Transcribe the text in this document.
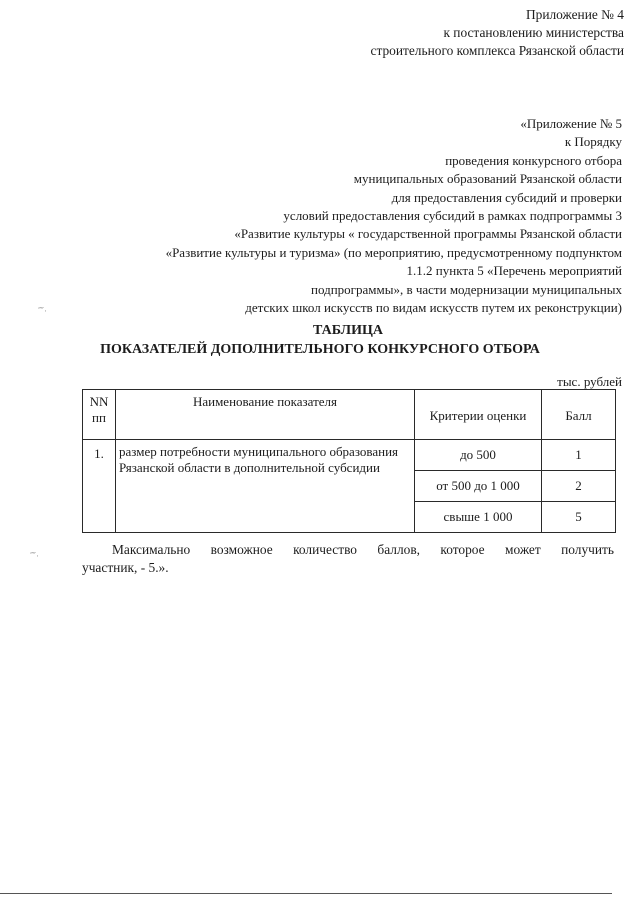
Приложение № 4
к постановлению министерства
строительного комплекса Рязанской области
«Приложение № 5
к Порядку
проведения конкурсного отбора
муниципальных образований Рязанской области
для предоставления субсидий и проверки
условий предоставления субсидий в рамках подпрограммы 3
«Развитие культуры « государственной программы Рязанской области
«Развитие культуры и туризма» (по мероприятию, предусмотренному подпунктом
1.1.2 пункта 5 «Перечень мероприятий
подпрограммы», в части модернизации муниципальных
детских школ искусств по видам искусств путем их реконструкции)
⁗·
ТАБЛИЦА
ПОКАЗАТЕЛЕЙ ДОПОЛНИТЕЛЬНОГО КОНКУРСНОГО ОТБОРА
тыс. рублей
NN пп	Наименование показателя	Критерии оценки	Балл
1.	размер потребности муниципального образования Рязанской области в дополнительной субсидии	до 500	1
		от 500 до 1 000	2
		свыше 1 000	5
Максимально возможное количество баллов, которое может получить
участник, - 5.».
⁗·
